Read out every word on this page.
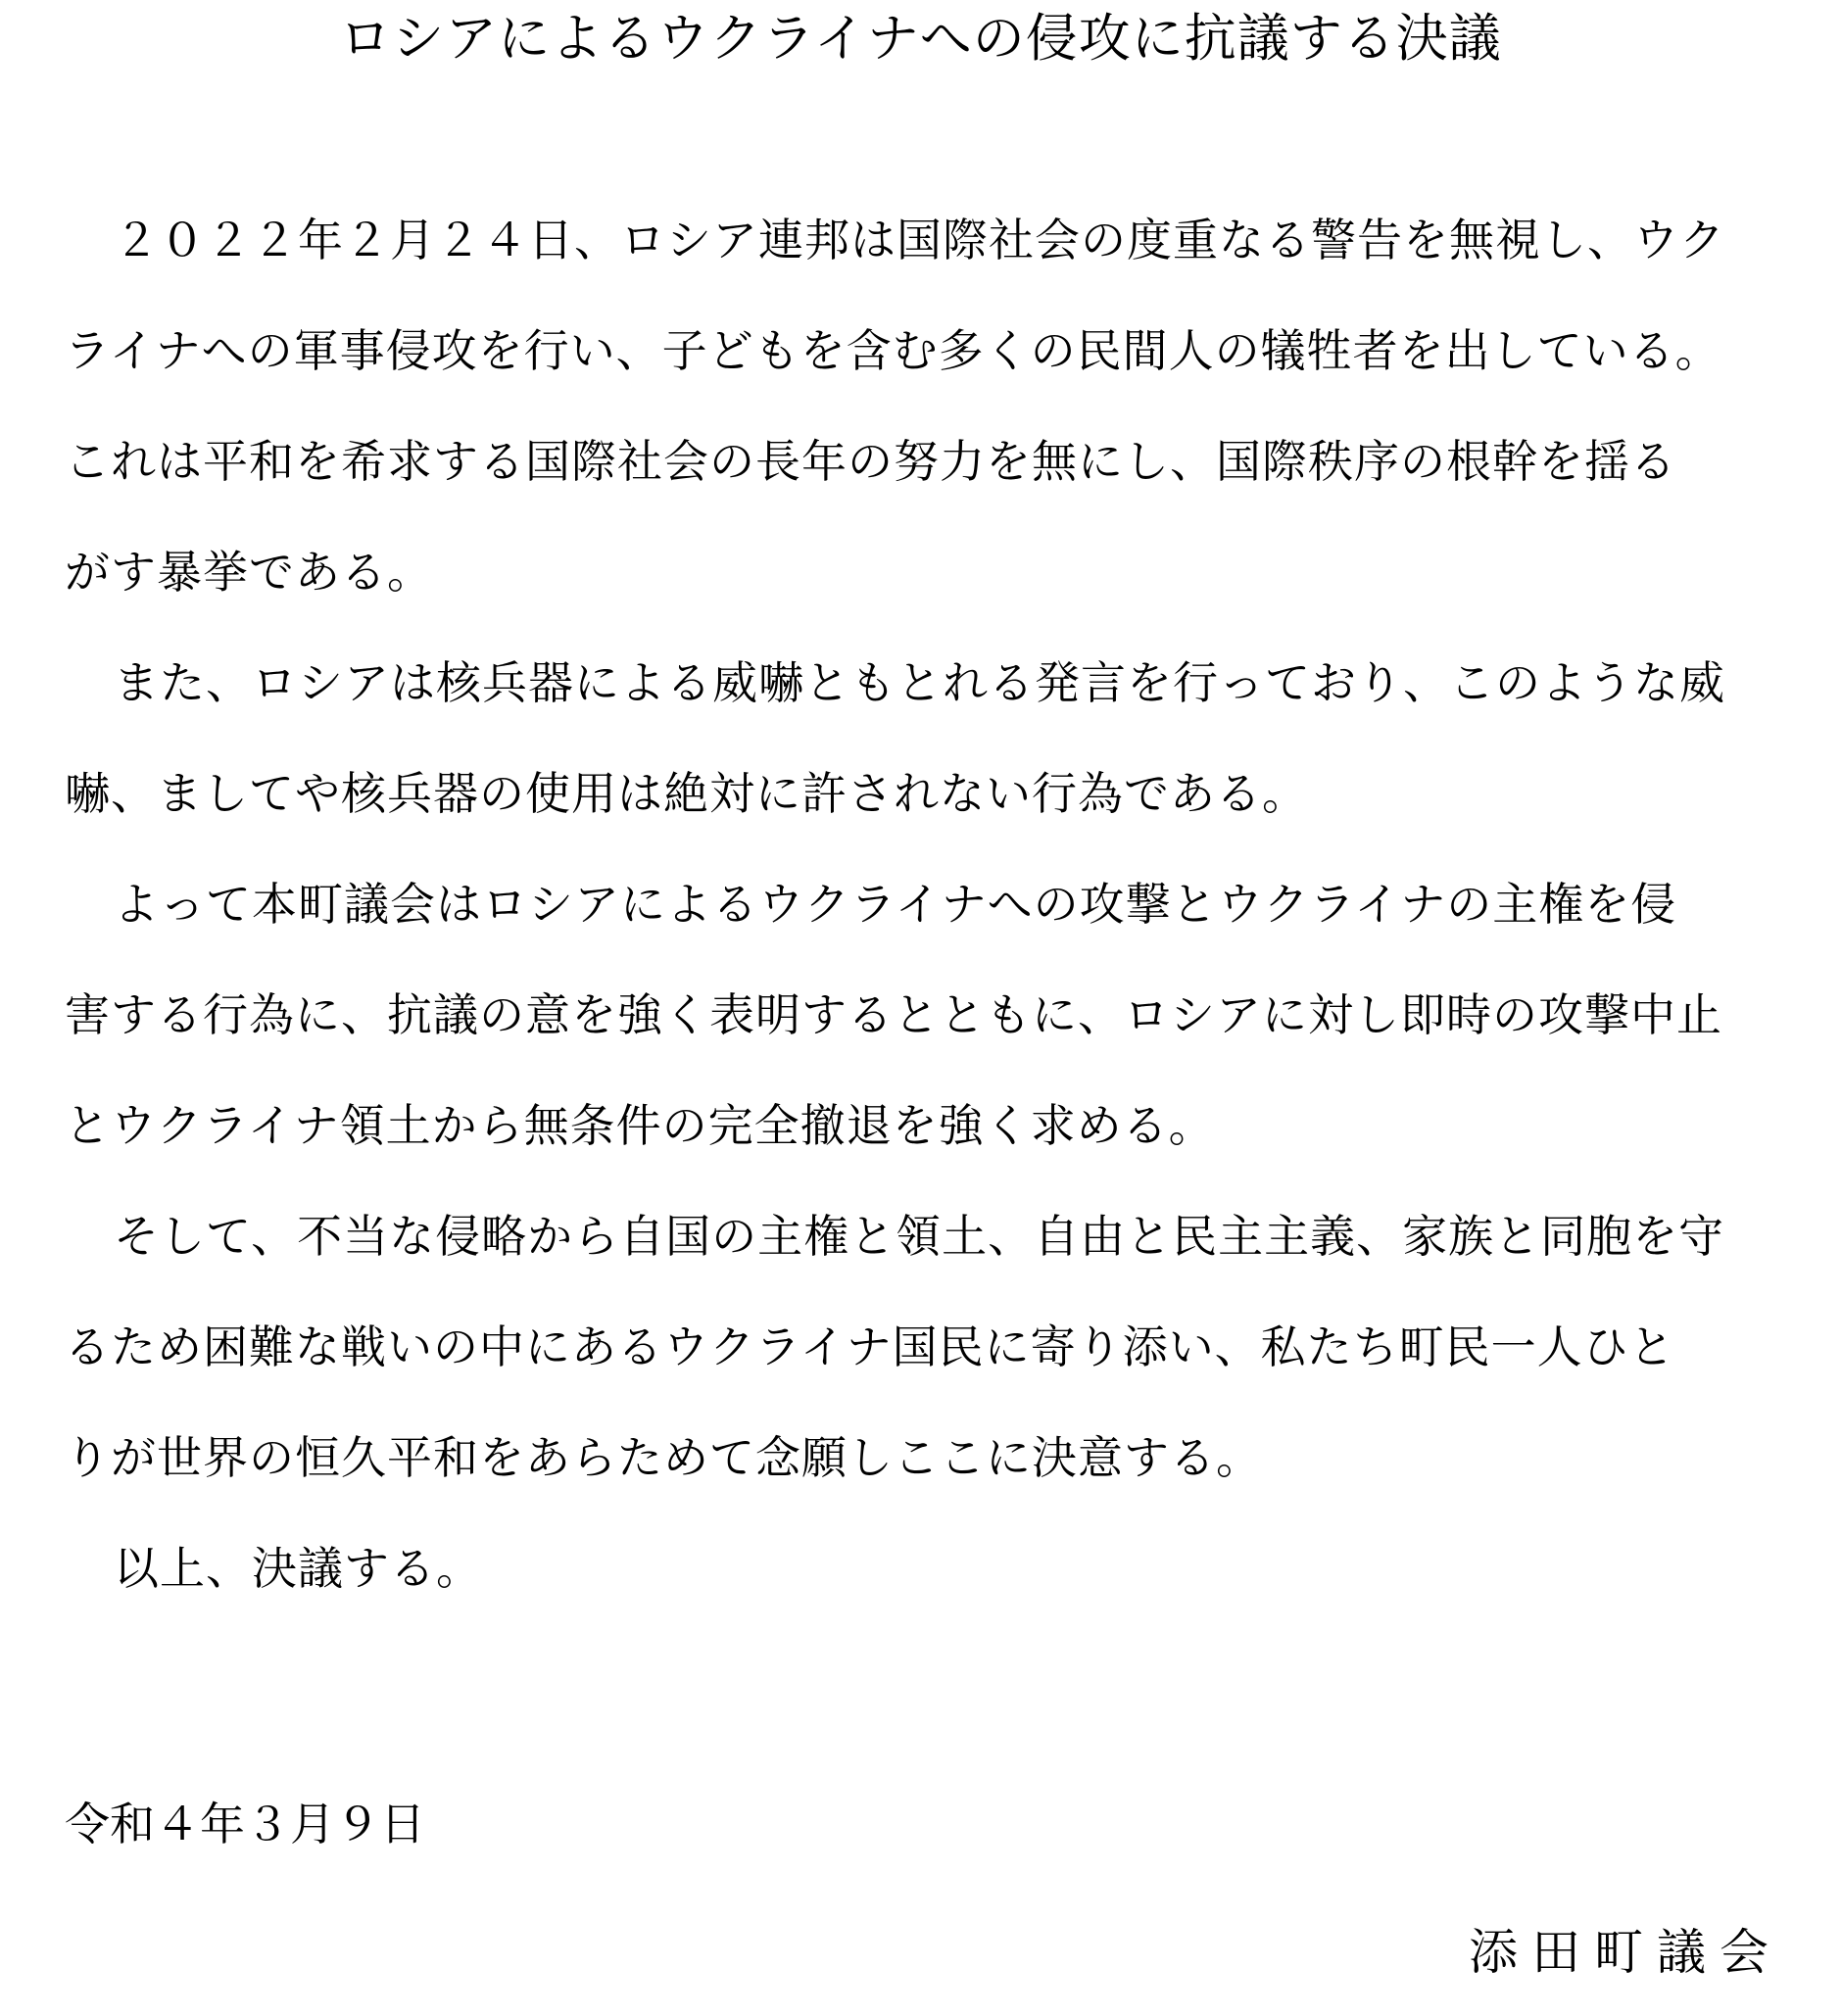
ロシアによるウクライナへの侵攻に抗議する決議
２０２２年２月２４日、ロシア連邦は国際社会の度重なる警告を無視し、ウク
ライナへの軍事侵攻を行い、子どもを含む多くの民間人の犠牲者を出している。
これは平和を希求する国際社会の長年の努力を無にし、国際秩序の根幹を揺る
がす暴挙である。
また、ロシアは核兵器による威嚇ともとれる発言を行っており、このような威
嚇、ましてや核兵器の使用は絶対に許されない行為である。
よって本町議会はロシアによるウクライナへの攻撃とウクライナの主権を侵
害する行為に、抗議の意を強く表明するとともに、ロシアに対し即時の攻撃中止
とウクライナ領土から無条件の完全撤退を強く求める。
そして、不当な侵略から自国の主権と領土、自由と民主主義、家族と同胞を守
るため困難な戦いの中にあるウクライナ国民に寄り添い、私たち町民一人ひと
りが世界の恒久平和をあらためて念願しここに決意する。
以上、決議する。
令和４年３月９日
添田町議会
